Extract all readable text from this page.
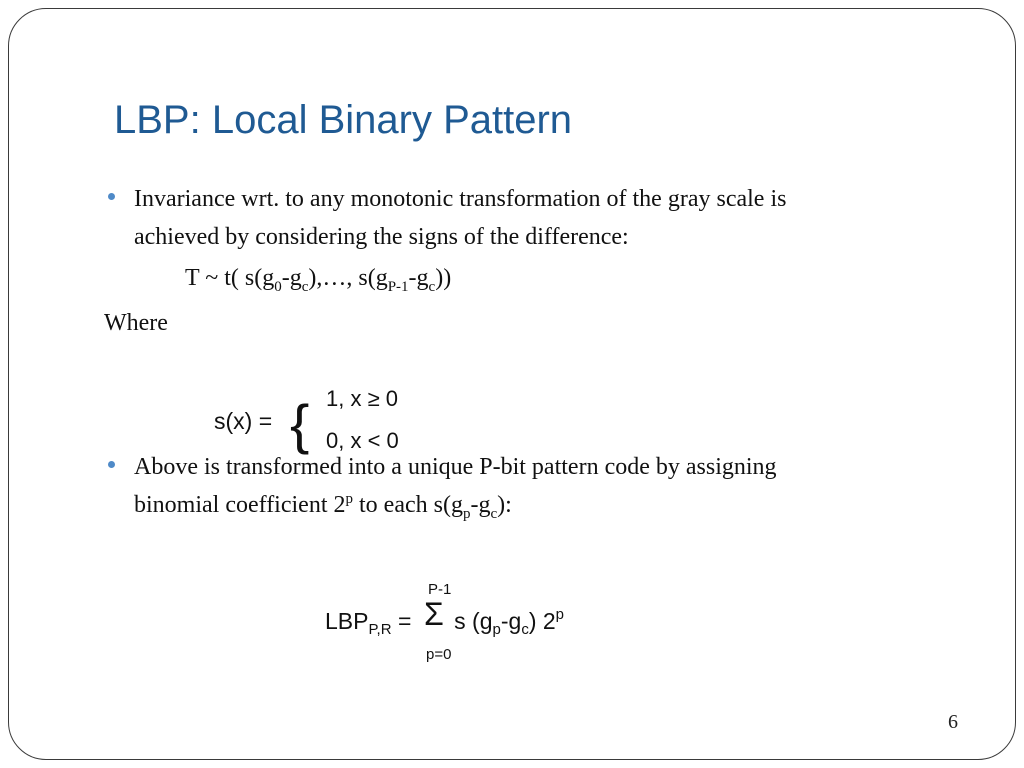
LBP: Local Binary Pattern
Invariance wrt. to any monotonic transformation of the gray scale is
achieved by considering the signs of the difference:
T ~ t( $s(g_0-g_c),\dots$, $s(g_{P-1}-g_c)$)
Where
s(x) = { 1, x ≥ 0
0, x < 0
Above is transformed into a unique P-bit pattern code by assigning
binomial coefficient 2$^p$ to each $s(g_p-g_c)$:
$LBP_{P,R} = s$ $(g_p-g_c)$ 2$^p$
P-1
Σ
p=0
6
